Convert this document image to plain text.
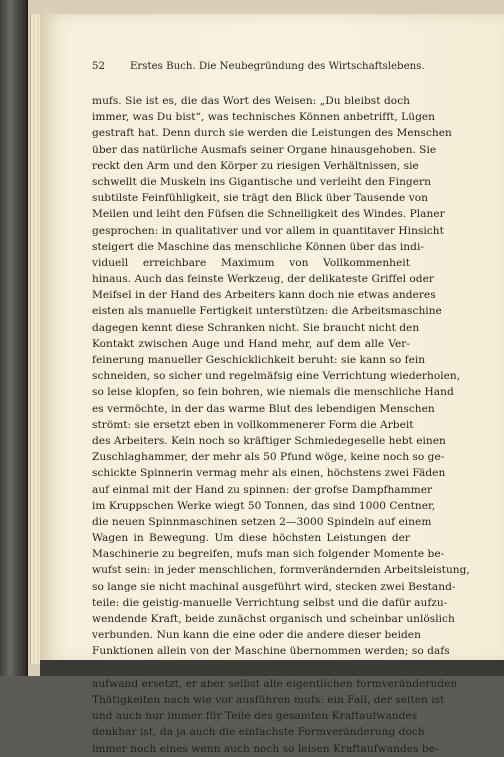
52 Erstes Buch. Die Neubegründung des Wirtschaftslebens.
mufs. Sie ist es, die das Wort des Weisen: „Du bleibst doch
immer, was Du bist“, was technisches Können anbetrifft, Lügen
gestraft hat. Denn durch sie werden die Leistungen des Menschen
über das natürliche Ausmafs seiner Organe hinausgehoben. Sie
reckt den Arm und den Körper zu riesigen Verhältnissen, sie
schwellt die Muskeln ins Gigantische und verleiht den Fingern
subtilste Feinfühligkeit, sie trägt den Blick über Tausende von
Meilen und leiht den Füfsen die Schnelligkeit des Windes. Planer
gesprochen: in qualitativer und vor allem in quantitaver Hinsicht
steigert die Maschine das menschliche Können über das indi-
viduell erreichbare Maximum von Vollkommenheit
hinaus. Auch das feinste Werkzeug, der delikateste Griffel oder
Meifsel in der Hand des Arbeiters kann doch nie etwas anderes
eisten als manuelle Fertigkeit unterstützen: die Arbeitsmaschine
dagegen kennt diese Schranken nicht. Sie braucht nicht den
Kontakt zwischen Auge und Hand mehr, auf dem alle Ver-
feinerung manueller Geschicklichkeit beruht: sie kann so fein
schneiden, so sicher und regelmäfsig eine Verrichtung wiederholen,
so leise klopfen, so fein bohren, wie niemals die menschliche Hand
es vermöchte, in der das warme Blut des lebendigen Menschen
strömt: sie ersetzt eben in vollkommenerer Form die Arbeit
des Arbeiters. Kein noch so kräftiger Schmiedegeselle hebt einen
Zuschlaghammer, der mehr als 50 Pfund wöge, keine noch so ge-
schickte Spinnerin vermag mehr als einen, höchstens zwei Fäden
auf einmal mit der Hand zu spinnen: der grofse Dampfhammer
im Kruppschen Werke wiegt 50 Tonnen, das sind 1000 Centner,
die neuen Spinnmaschinen setzen 2—3000 Spindeln auf einem
Wagen in Bewegung. Um diese höchsten Leistungen der
Maschinerie zu begreifen, mufs man sich folgender Momente be-
wufst sein: in jeder menschlichen, formverändernden Arbeitsleistung,
so lange sie nicht machinal ausgeführt wird, stecken zwei Bestand-
teile: die geistig-manuelle Verrichtung selbst und die dafür aufzu-
wendende Kraft, beide zunächst organisch und scheinbar unlöslich
verbunden. Nun kann die eine oder die andere dieser beiden
Funktionen allein von der Maschine übernommen werden; so dafs
aufwand ersetzt, er aber selbst alle eigentlichen formverändernden
Thätigkeiten nach wie vor ausführen mufs: ein Fall, der selten ist
und auch nur immer für Teile des gesamten Kraftaufwandes
denkbar ist, da ja auch die einfachste Formveränderung doch
immer noch eines wenn auch noch so leisen Kraftaufwandes be-
